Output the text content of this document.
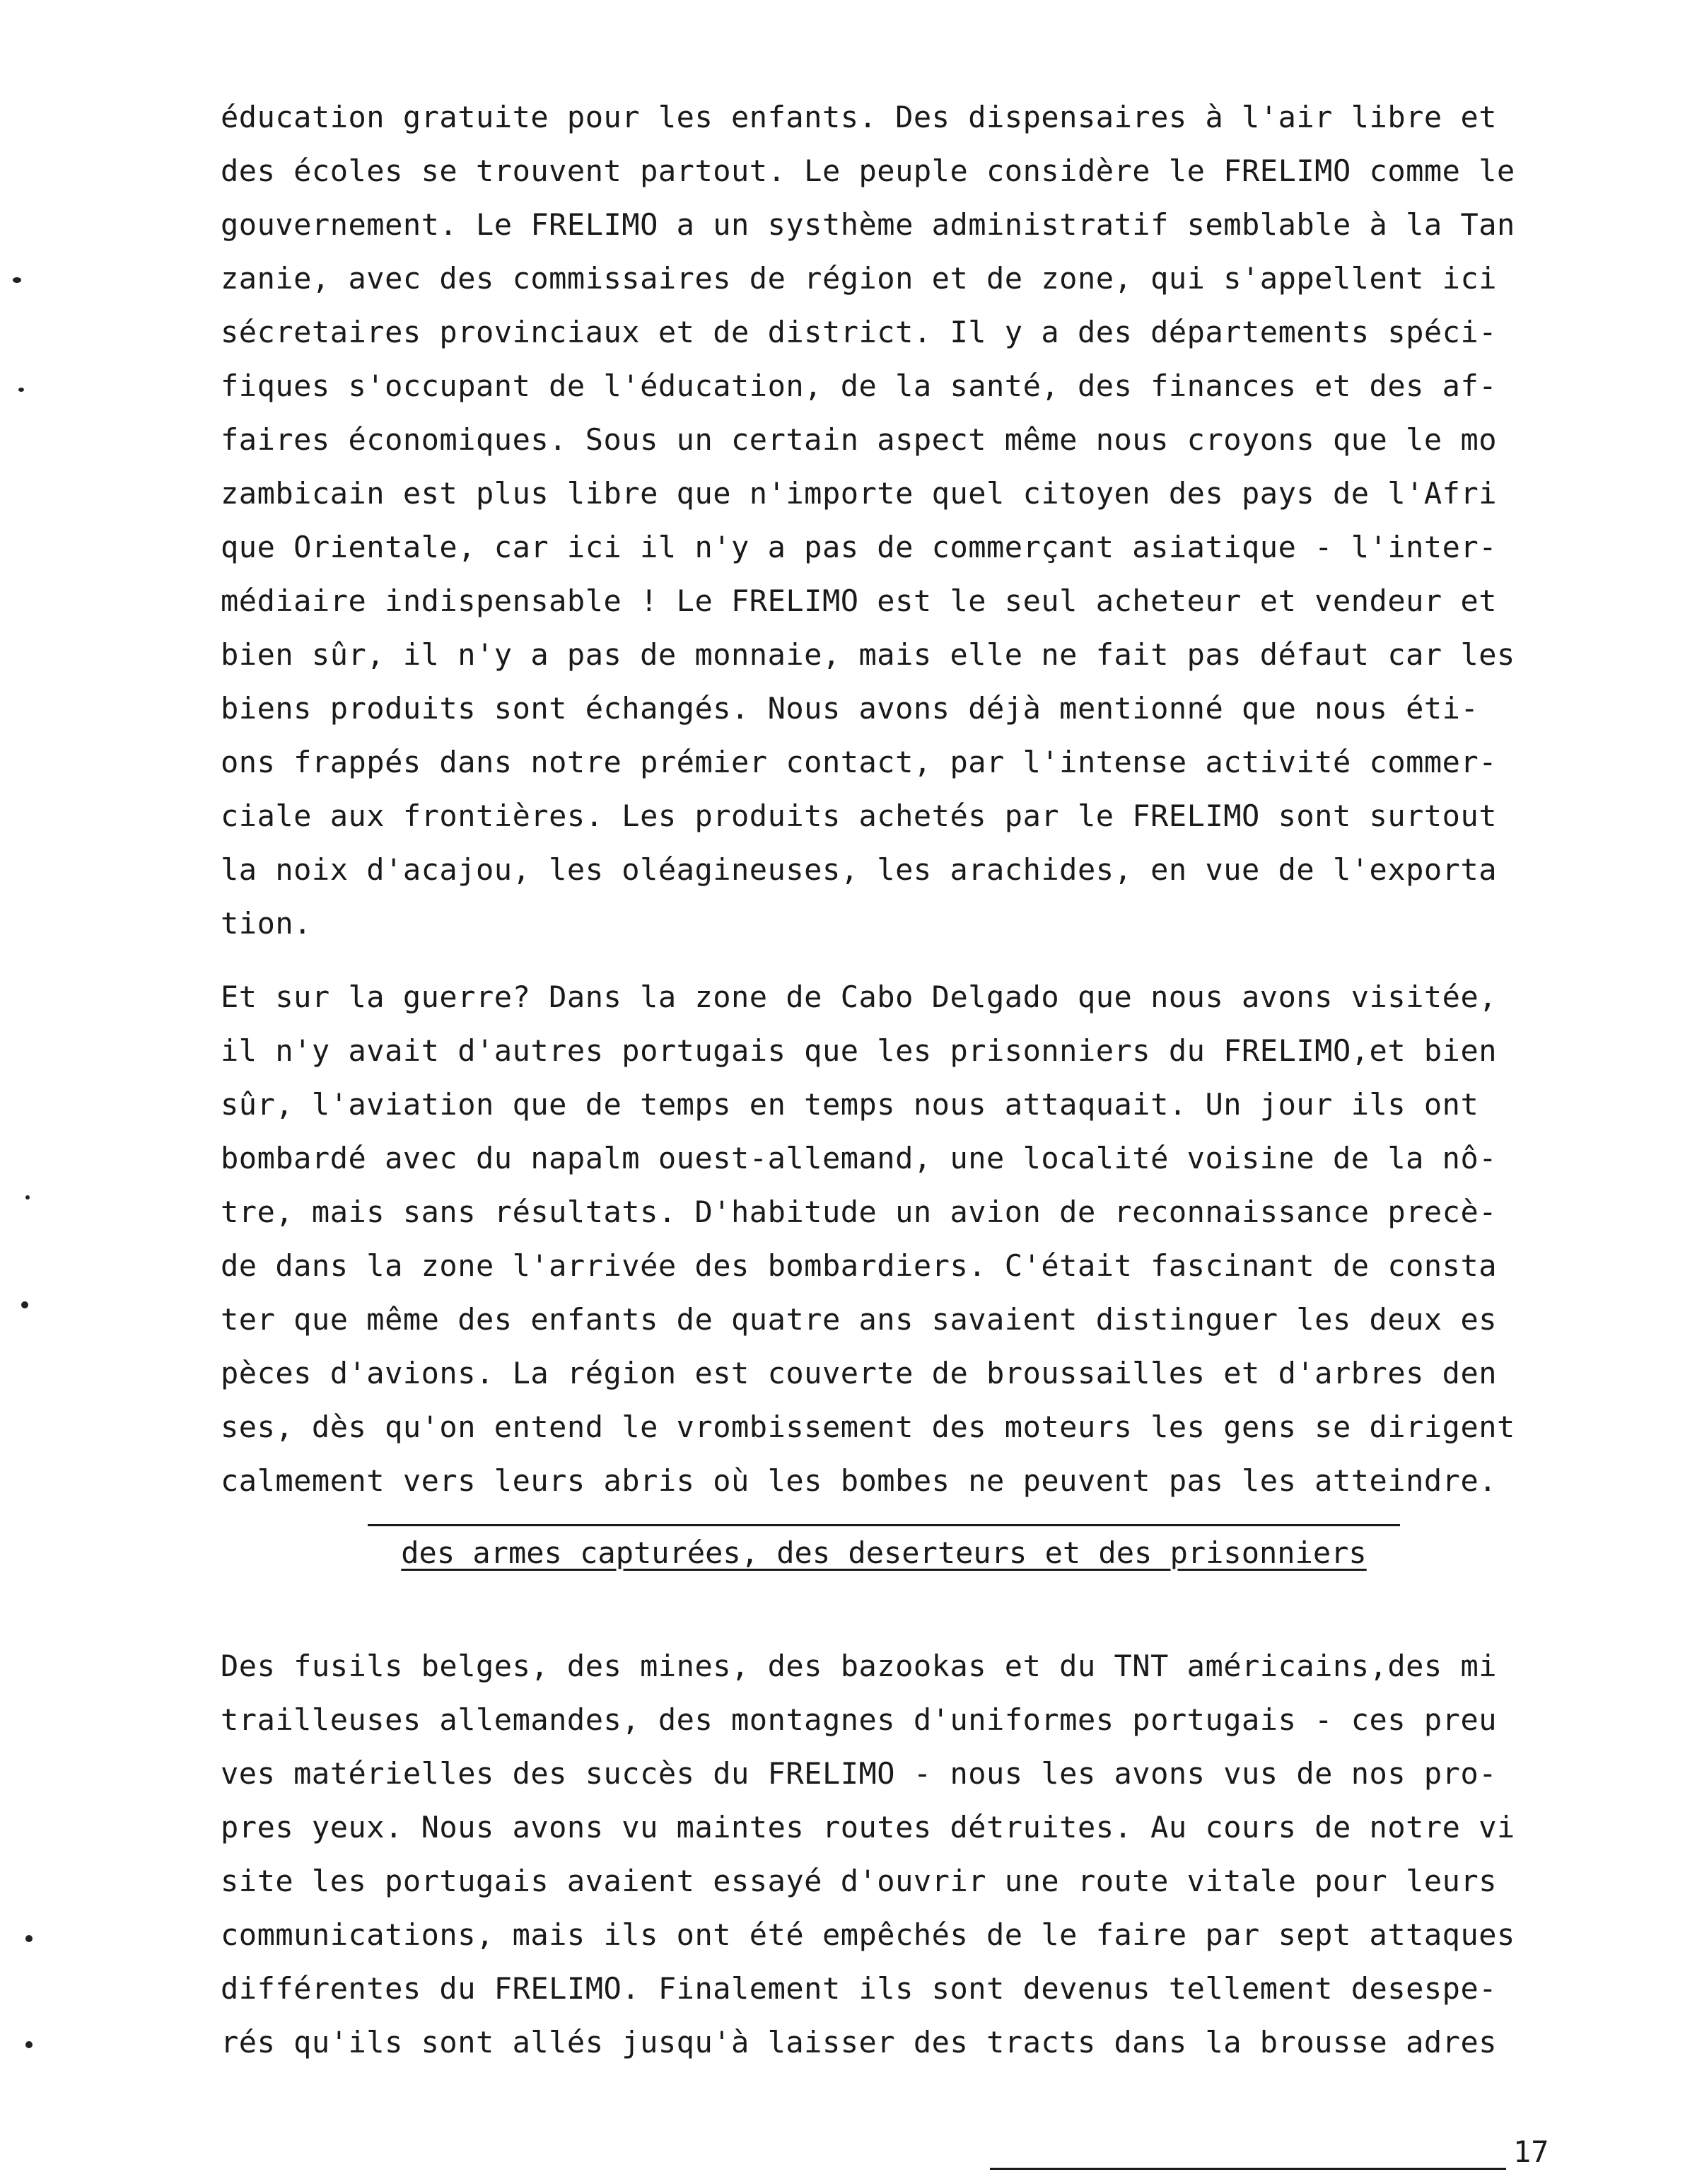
éducation gratuite pour les enfants. Des dispensaires à l'air libre et
des écoles se trouvent partout. Le peuple considère le FRELIMO comme le
gouvernement. Le FRELIMO a un systhème administratif semblable à la Tan
zanie, avec des commissaires de région et de zone, qui s'appellent ici
sécretaires provinciaux et de district. Il y a des départements spéci-
fiques s'occupant de l'éducation, de la santé, des finances et des af-
faires économiques. Sous un certain aspect même nous croyons que le mo
zambicain est plus libre que n'importe quel citoyen des pays de l'Afri
que Orientale, car ici il n'y a pas de commerçant asiatique - l'inter-
médiaire indispensable ! Le FRELIMO est le seul acheteur et vendeur et
bien sûr, il n'y a pas de monnaie, mais elle ne fait pas défaut car les
biens produits sont échangés. Nous avons déjà mentionné que nous éti-
ons frappés dans notre prémier contact, par l'intense activité commer-
ciale aux frontières. Les produits achetés par le FRELIMO sont surtout
la noix d'acajou, les oléagineuses, les arachides, en vue de l'exporta
tion.
Et sur la guerre? Dans la zone de Cabo Delgado que nous avons visitée,
il n'y avait d'autres portugais que les prisonniers du FRELIMO,et bien
sûr, l'aviation que de temps en temps nous attaquait. Un jour ils ont
bombardé avec du napalm ouest-allemand, une localité voisine de la nô-
tre, mais sans résultats. D'habitude un avion de reconnaissance precè-
de dans la zone l'arrivée des bombardiers. C'était fascinant de consta
ter que même des enfants de quatre ans savaient distinguer les deux es
pèces d'avions. La région est couverte de broussailles et d'arbres den
ses, dès qu'on entend le vrombissement des moteurs les gens se dirigent
calmement vers leurs abris où les bombes ne peuvent pas les atteindre.
des armes capturées, des deserteurs et des prisonniers
Des fusils belges, des mines, des bazookas et du TNT américains,des mi
trailleuses allemandes, des montagnes d'uniformes portugais - ces preu
ves matérielles des succès du FRELIMO - nous les avons vus de nos pro-
pres yeux. Nous avons vu maintes routes détruites. Au cours de notre vi
site les portugais avaient essayé d'ouvrir une route vitale pour leurs
communications, mais ils ont été empêchés de le faire par sept attaques
différentes du FRELIMO. Finalement ils sont devenus tellement desespe-
rés qu'ils sont allés jusqu'à laisser des tracts dans la brousse adres
17
